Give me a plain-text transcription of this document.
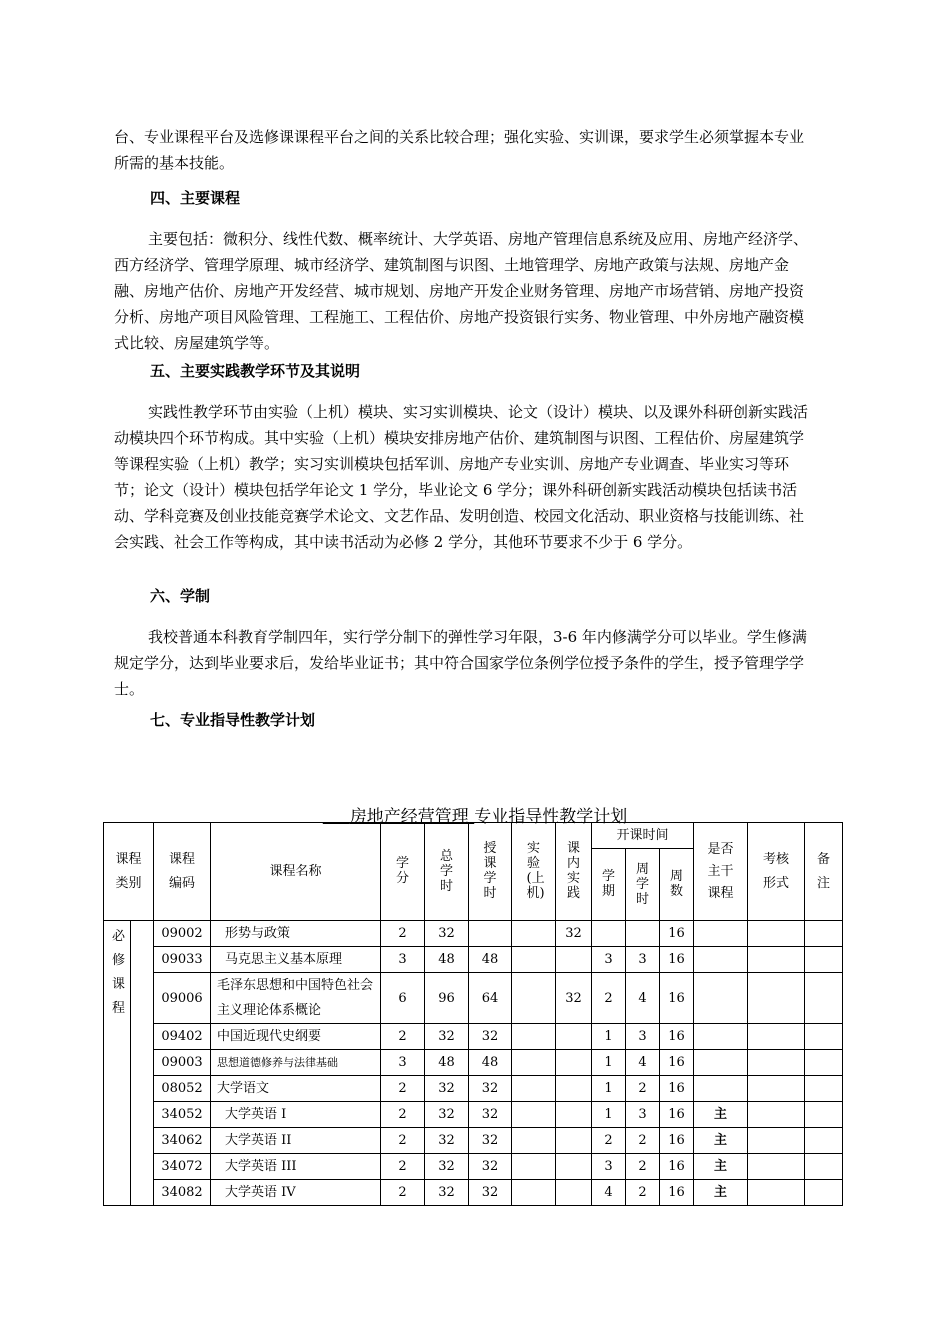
台、专业课程平台及选修课课程平台之间的关系比较合理；强化实验、实训课，要求学生必须掌握本专业所需的基本技能。

四、主要课程

主要包括：微积分、线性代数、概率统计、大学英语、房地产管理信息系统及应用、房地产经济学、西方经济学、管理学原理、城市经济学、建筑制图与识图、土地管理学、房地产政策与法规、房地产金融、房地产估价、房地产开发经营、城市规划、房地产开发企业财务管理、房地产市场营销、房地产投资分析、房地产项目风险管理、工程施工、工程估价、房地产投资银行实务、物业管理、中外房地产融资模式比较、房屋建筑学等。

五、主要实践教学环节及其说明

实践性教学环节由实验（上机）模块、实习实训模块、论文（设计）模块、以及课外科研创新实践活动模块四个环节构成。其中实验（上机）模块安排房地产估价、建筑制图与识图、工程估价、房屋建筑学等课程实验（上机）教学；实习实训模块包括军训、房地产专业实训、房地产专业调查、毕业实习等环节；论文（设计）模块包括学年论文 1 学分，毕业论文 6 学分；课外科研创新实践活动模块包括读书活动、学科竞赛及创业技能竞赛学术论文、文艺作品、发明创造、校园文化活动、职业资格与技能训练、社会实践、社会工作等构成，其中读书活动为必修 2 学分，其他环节要求不少于 6 学分。

六、学制

我校普通本科教育学制四年，实行学分制下的弹性学习年限，3-6 年内修满学分可以毕业。学生修满规定学分，达到毕业要求后，发给毕业证书；其中符合国家学位条例学位授予条件的学生，授予管理学学士。

七、专业指导性教学计划

房地产经营管理 专业指导性教学计划
课程类别	课程编码	课程名称	学分	总学时	授课学时	实验(上机)	课内实践	开课时间			是否主干课程	考核形式	备注
								学期	周学时	周数			

必修课程	09002	形势与政策	2	32			32			16			
	09033	马克思主义基本原理	3	48	48			3	3	16			
	09006	毛泽东思想和中国特色社会主义理论体系概论	6	96	64		32	2	4	16			
	09402	中国近现代史纲要	2	32	32			1	3	16			
	09003	思想道德修养与法律基础	3	48	48			1	4	16			
	08052	大学语文	2	32	32			1	2	16			
	34052	大学英语 I	2	32	32			1	3	16	主		
	34062	大学英语 II	2	32	32			2	2	16	主		
	34072	大学英语 III	2	32	32			3	2	16	主		
	34082	大学英语 IV	2	32	32			4	2	16	主		
